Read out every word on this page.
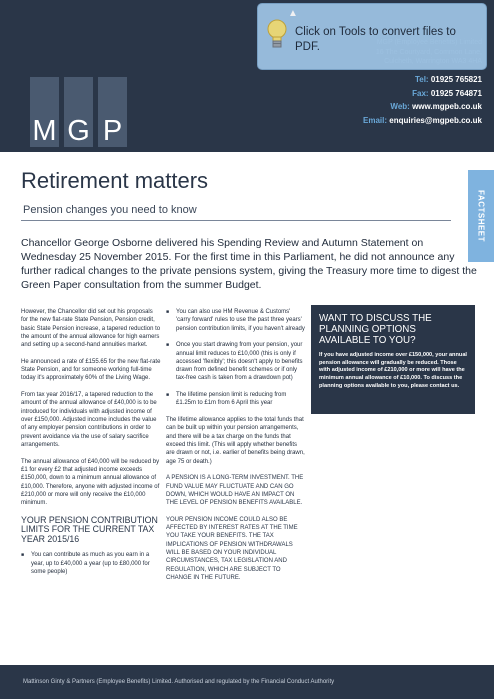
M G P
Tel: 01925 765821
Fax: 01925 764871
Web: www.mgpeb.co.uk
Email: enquiries@mgpeb.co.uk
▲
Click on Tools to convert files to PDF.
Retirement matters
Pension changes you need to know	FACTSHEET
Chancellor George Osborne delivered his Spending Review and Autumn Statement on Wednesday 25 November 2015. For the first time in this Parliament, he did not announce any further radical changes to the private pensions system, giving the Treasury more time to digest the Green Paper consultation from the summer Budget.

However, the Chancellor did set out his proposals for the new flat-rate State Pension, Pension credit, basic State Pension increase, a tapered reduction to the amount of the annual allowance for high earners and setting up a second-hand annuities market.

He announced a rate of £155.65 for the new flat-rate State Pension, and for someone working full-time today it's approximately 60% of the Living Wage.

From tax year 2016/17, a tapered reduction to the amount of the annual allowance of £40,000 is to be introduced for individuals with adjusted income of over £150,000. Adjusted income includes the value of any employer pension contributions in order to prevent avoidance via the use of salary sacrifice arrangements.

The annual allowance of £40,000 will be reduced by £1 for every £2 that adjusted income exceeds £150,000, down to a minimum annual allowance of £10,000. Therefore, anyone with adjusted income of £210,000 or more will only receive the £10,000 minimum.

YOUR PENSION CONTRIBUTION LIMITS FOR THE CURRENT TAX YEAR 2015/16
■ You can contribute as much as you earn in a year, up to £40,000 a year (up to £80,000 for some people)
■ You can also use HM Revenue & Customs' 'carry forward' rules to use the past three years' pension contribution limits, if you haven't already
■ Once you start drawing from your pension, your annual limit reduces to £10,000 (this is only if accessed 'flexibly'; this doesn't apply to benefits drawn from defined benefit schemes or if only tax-free cash is taken from a drawdown pot)
■ The lifetime pension limit is reducing from £1.25m to £1m from 6 April this year

The lifetime allowance applies to the total funds that can be built up within your pension arrangements, and there will be a tax charge on the funds that exceed this limit. (This will apply whether benefits are drawn or not, i.e. earlier of benefits being drawn, age 75 or death.)

A PENSION IS A LONG-TERM INVESTMENT. THE FUND VALUE MAY FLUCTUATE AND CAN GO DOWN, WHICH WOULD HAVE AN IMPACT ON THE LEVEL OF PENSION BENEFITS AVAILABLE.
YOUR PENSION INCOME COULD ALSO BE AFFECTED BY INTEREST RATES AT THE TIME YOU TAKE YOUR BENEFITS. THE TAX IMPLICATIONS OF PENSION WITHDRAWALS WILL BE BASED ON YOUR INDIVIDUAL CIRCUMSTANCES, TAX LEGISLATION AND REGULATION, WHICH ARE SUBJECT TO CHANGE IN THE FUTURE.
WANT TO DISCUSS THE PLANNING OPTIONS AVAILABLE TO YOU?

If you have adjusted income over £150,000, your annual pension allowance will gradually be reduced. Those with adjusted income of £210,000 or more will have the minimum annual allowance of £10,000. To discuss the planning options available to you, please contact us.

Mattinson Ginty & Partners (Employee Benefits) Limited. Authorised and regulated by the Financial Conduct Authority
